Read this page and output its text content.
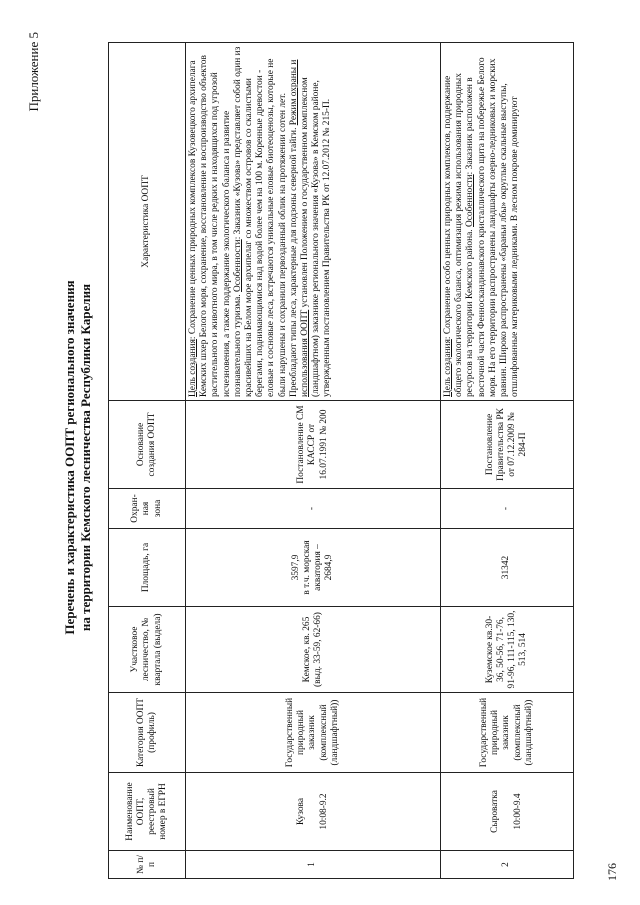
Приложение 5
Перечень и характеристика ООПТ регионального значения на территории Кемского лесничества Республики Карелия
№ п/п	Наименование ООПТ, реестровый номер в ЕГРН	Категория ООПТ (профиль)	Участковое лесничество, № квартала (выдела)	Площадь, га	Охран-ная зона	Основание создания ООПТ	Характеристика ООПТ
1	Кузова 10:08-9.2	Государственный природный заказник (комплексный (ландшафтный))	Кемское, кв. 265 (выд. 33-59, 62-66)	3597,9 в т.ч. морская акватория – 2684,9	-	Постановление СМ КАССР от 16.07.1991 № 200	Цель создания: Сохранение ценных природных комплексов Кузовецкого архипелага Кемских шхер Белого моря, сохранение, восстановление и воспроизводство объектов растительного и животного мира, в том числе редких и находящихся под угрозой исчезновения, а также поддержание экологического баланса и развитие познавательного туризма. Особенности: Заказник «Кузова» представляет собой один из красивейших на Белом море архипелаг со множеством островов со скалистыми берегами, поднимающимися над водой более чем на 100 м. Коренные древостои - еловые и сосновые леса, встречаются уникальные еловые биотеоценозы, которые не были нарушены и сохранили первозданный облик на протяжении сотен лет. Преобладают типы леса, характерные для подзоны северной тайги. Режим охраны и использования ООПТ установлен Положением о государственном комплексном (ландшафтном) заказнике регионального значения «Кузова» в Кемском районе, утвержденным постановлением Правительства РК от 12.07.2012 № 215-П.
2	Сыроватка 10:00-9.4	Государственный природный заказник (комплексный (ландшафтный))	Куземское кв.30-36, 50-56, 71-76, 91-96, 111-115, 130, 513, 514	31342	-	Постановление Правительства РК от 07.12.2009 № 284-П	Цель создания: Сохранение особо ценных природных комплексов, поддержание общего экологического баланса, оптимизация режима использования природных ресурсов на территории Кемского района. Особенности: Заказник расположен в восточной части Фенноскандинавского кристаллического щита на побережье Белого моря. На его территории распространены ландшафты озерно-ледниковых и морских равнин. Широко распространены «бараньи лбы» округлые скальные выступы, отшлифованные материковыми ледниками. В лесном покрове доминируют
176
